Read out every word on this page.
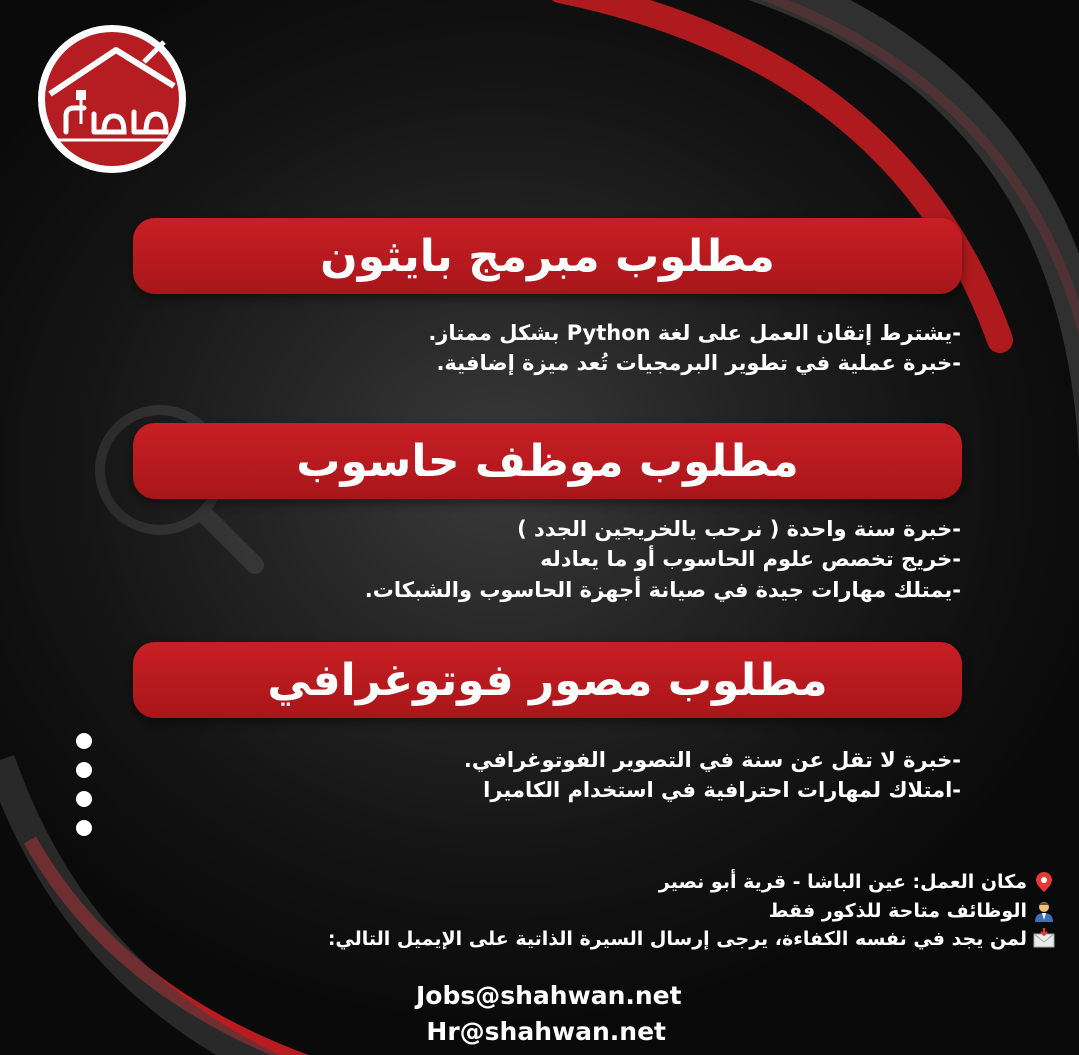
مطلوب مبرمج بايثون
-يشترط إتقان العمل على لغة Python بشكل ممتاز.
-خبرة عملية في تطوير البرمجيات تُعد ميزة إضافية.
مطلوب موظف حاسوب
-خبرة سنة واحدة ( نرحب يالخريجين الجدد )
-خريج تخصص علوم الحاسوب أو ما يعادله
-يمتلك مهارات جيدة في صيانة أجهزة الحاسوب والشبكات.
مطلوب مصور فوتوغرافي
-خبرة لا تقل عن سنة في التصوير الفوتوغرافي.
-امتلاك لمهارات احترافية في استخدام الكاميرا
مكان العمل: عين الباشا - قرية أبو نصير
الوظائف متاحة للذكور فقط
لمن يجد في نفسه الكفاءة، يرجى إرسال السيرة الذاتية على الإيميل التالي:
Jobs@shahwan.net
Hr@shahwan.net
